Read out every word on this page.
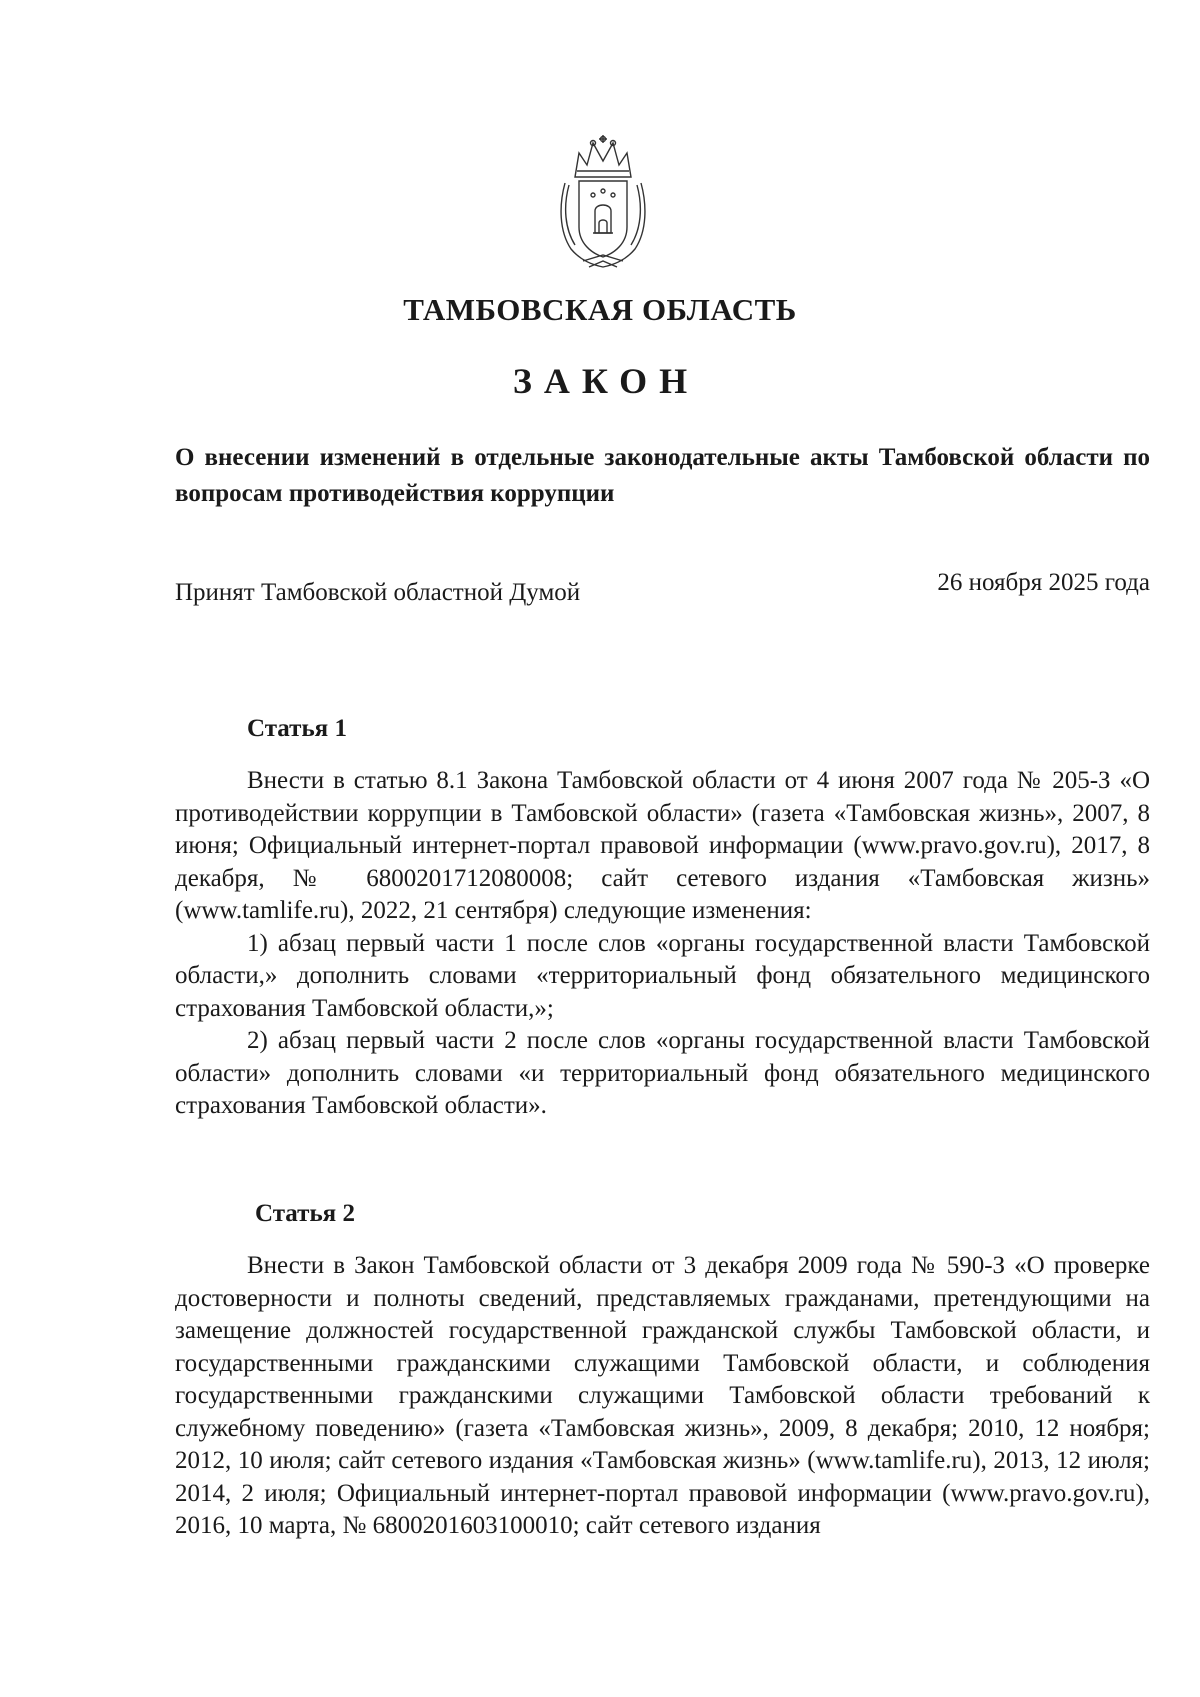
ТАМБОВСКАЯ ОБЛАСТЬ
ЗАКОН
О внесении изменений в отдельные законодательные акты Тамбовской области по вопросам противодействия коррупции
Принят Тамбовской областной Думой	26 ноября 2025 года
Статья 1

Внести в статью 8.1 Закона Тамбовской области от 4 июня 2007 года № 205-З «О противодействии коррупции в Тамбовской области» (газета «Тамбовская жизнь», 2007, 8 июня; Официальный интернет-портал правовой информации (www.pravo.gov.ru), 2017, 8 декабря, № 6800201712080008; сайт сетевого издания «Тамбовская жизнь» (www.tamlife.ru), 2022, 21 сентября) следующие изменения:

1) абзац первый части 1 после слов «органы государственной власти Тамбовской области,» дополнить словами «территориальный фонд обязательного медицинского страхования Тамбовской области,»;

2) абзац первый части 2 после слов «органы государственной власти Тамбовской области» дополнить словами «и территориальный фонд обязательного медицинского страхования Тамбовской области».

Статья 2

Внести в Закон Тамбовской области от 3 декабря 2009 года № 590-З «О проверке достоверности и полноты сведений, представляемых гражданами, претендующими на замещение должностей государственной гражданской службы Тамбовской области, и государственными гражданскими служащими Тамбовской области, и соблюдения государственными гражданскими служащими Тамбовской области требований к служебному поведению» (газета «Тамбовская жизнь», 2009, 8 декабря; 2010, 12 ноября; 2012, 10 июля; сайт сетевого издания «Тамбовская жизнь» (www.tamlife.ru), 2013, 12 июля; 2014, 2 июля; Официальный интернет-портал правовой информации (www.pravo.gov.ru), 2016, 10 марта, № 6800201603100010; сайт сетевого издания
